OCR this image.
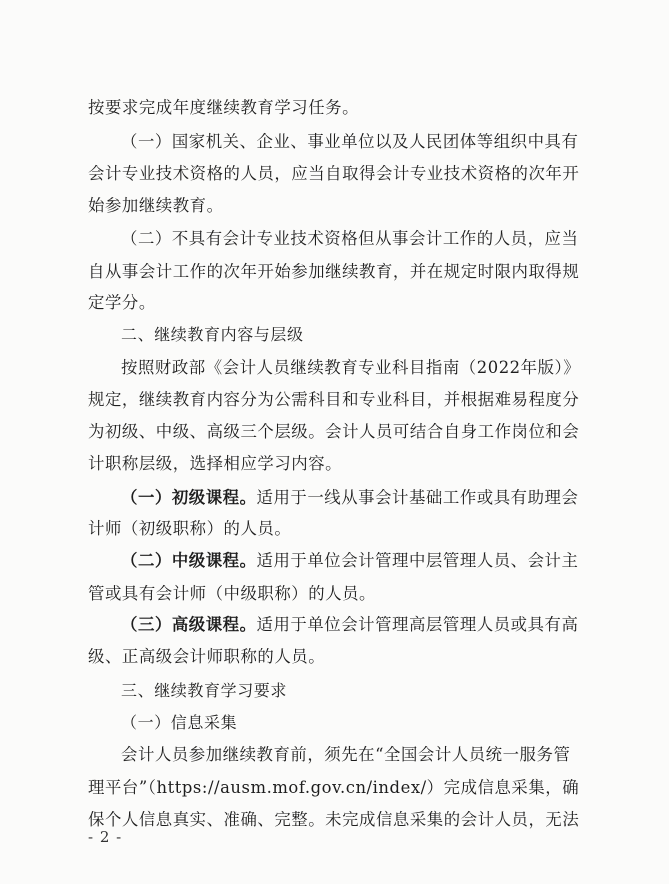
按要求完成年度继续教育学习任务。
（一）国家机关、企业、事业单位以及人民团体等组织中具有
会计专业技术资格的人员，应当自取得会计专业技术资格的次年开
始参加继续教育。
（二）不具有会计专业技术资格但从事会计工作的人员，应当
自从事会计工作的次年开始参加继续教育，并在规定时限内取得规
定学分。
二、继续教育内容与层级
按照财政部《会计人员继续教育专业科目指南（2022年版）》
规定，继续教育内容分为公需科目和专业科目，并根据难易程度分
为初级、中级、高级三个层级。会计人员可结合自身工作岗位和会
计职称层级，选择相应学习内容。
（一）初级课程。适用于一线从事会计基础工作或具有助理会
计师（初级职称）的人员。
（二）中级课程。适用于单位会计管理中层管理人员、会计主
管或具有会计师（中级职称）的人员。
（三）高级课程。适用于单位会计管理高层管理人员或具有高
级、正高级会计师职称的人员。
三、继续教育学习要求
（一）信息采集
会计人员参加继续教育前，须先在“全国会计人员统一服务管
理平台”（https://ausm.mof.gov.cn/index/）完成信息采集，确
保个人信息真实、准确、完整。未完成信息采集的会计人员，无法
- 2 -
